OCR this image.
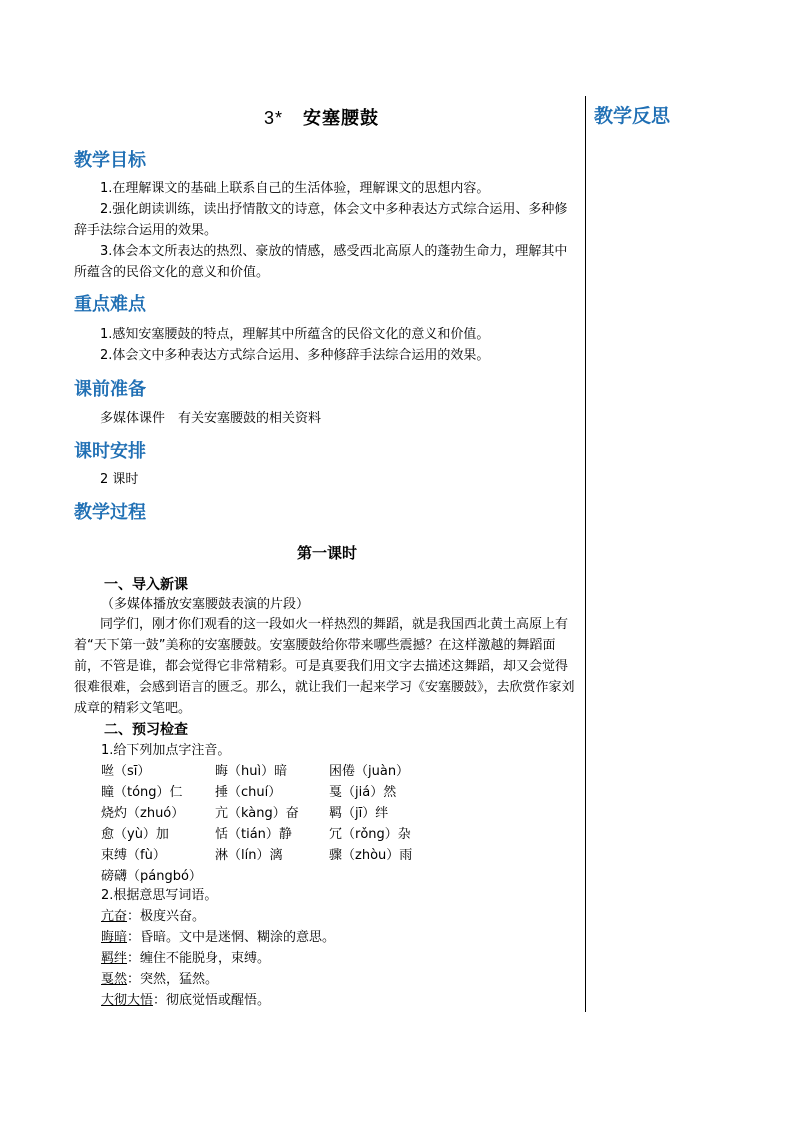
教学反思
3* 安塞腰鼓
教学目标
1.在理解课文的基础上联系自己的生活体验，理解课文的思想内容。
2.强化朗读训练，读出抒情散文的诗意，体会文中多种表达方式综合运用、多种修辞手法综合运用的效果。
3.体会本文所表达的热烈、豪放的情感，感受西北高原人的蓬勃生命力，理解其中所蕴含的民俗文化的意义和价值。
重点难点
1.感知安塞腰鼓的特点，理解其中所蕴含的民俗文化的意义和价值。
2.体会文中多种表达方式综合运用、多种修辞手法综合运用的效果。
课前准备
多媒体课件　有关安塞腰鼓的相关资料
课时安排
2 课时
教学过程
第一课时
一、导入新课
（多媒体播放安塞腰鼓表演的片段）
同学们，刚才你们观看的这一段如火一样热烈的舞蹈，就是我国西北黄土高原上有着“天下第一鼓”美称的安塞腰鼓。安塞腰鼓给你带来哪些震撼？在这样激越的舞蹈面前，不管是谁，都会觉得它非常精彩。可是真要我们用文字去描述这舞蹈，却又会觉得很难很难，会感到语言的匮乏。那么，就让我们一起来学习《安塞腰鼓》，去欣赏作家刘成章的精彩文笔吧。
二、预习检查
1.给下列加点字注音。
咝（sī）	晦（huì）暗	困倦（juàn）
瞳（tóng）仁	捶（chuí）	戛（jiá）然
烧灼（zhuó）	亢（kàng）奋	羁（jī）绊
愈（yù）加	恬（tián）静	冗（rǒng）杂
束缚（fù）	淋（lín）漓	骤（zhòu）雨
磅礴（pángbó）
2.根据意思写词语。
亢奋：极度兴奋。
晦暗：昏暗。文中是迷惘、糊涂的意思。
羁绊：缠住不能脱身，束缚。
戛然：突然，猛然。
大彻大悟：彻底觉悟或醒悟。
